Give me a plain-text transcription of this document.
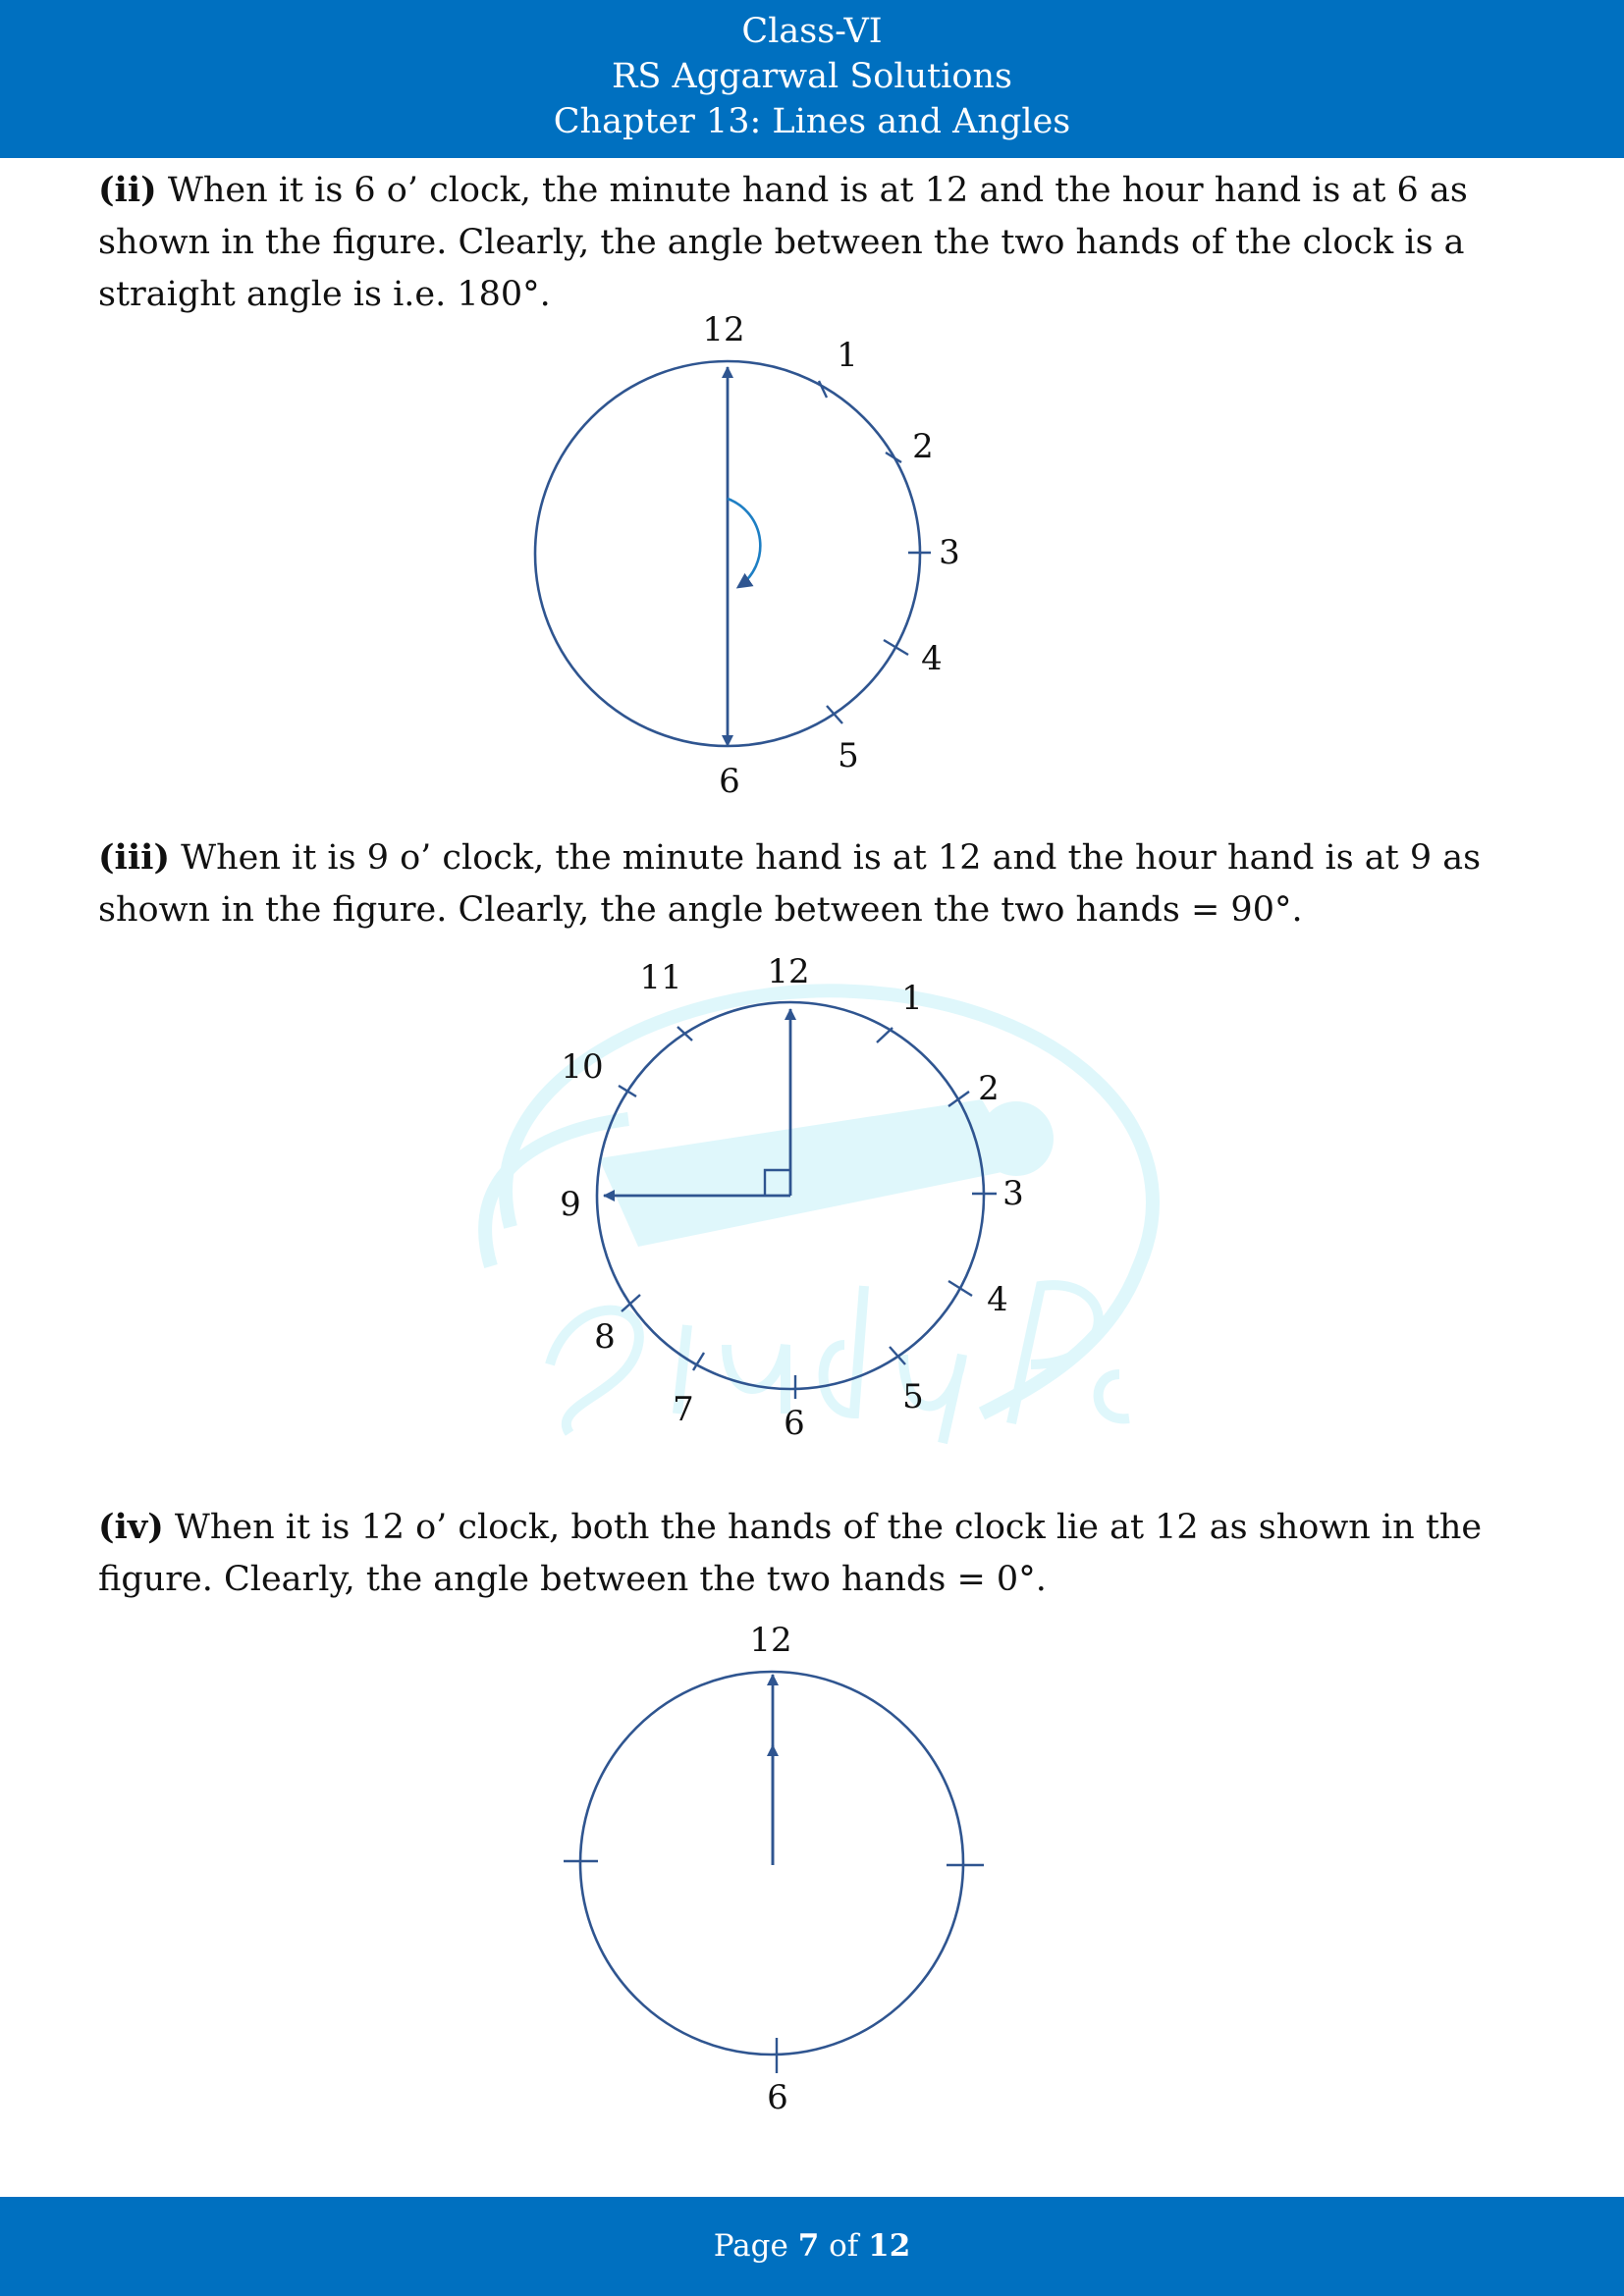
Class-VI
RS Aggarwal Solutions
Chapter 13: Lines and Angles

(ii) When it is 6 o’ clock, the minute hand is at 12 and the hour hand is at 6 as shown in the figure. Clearly, the angle between the two hands of the clock is a straight angle is i.e. 180°.

12
1
2
3
4
5
6

(iii) When it is 9 o’ clock, the minute hand is at 12 and the hour hand is at 9 as shown in the figure. Clearly, the angle between the two hands = 90°.

12
1
2
3
4
5
6
7
8
9
10
11

(iv) When it is 12 o’ clock, both the hands of the clock lie at 12 as shown in the figure. Clearly, the angle between the two hands = 0°.

12
6
Page 7 of 12
